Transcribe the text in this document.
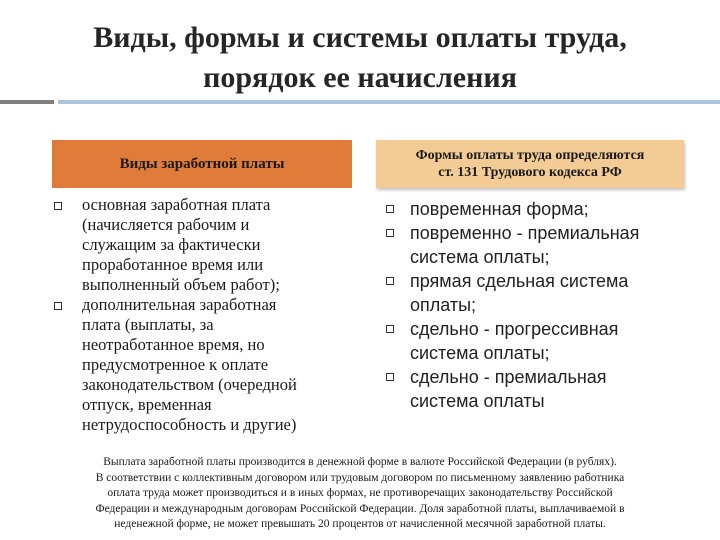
Виды, формы и системы оплаты труда,
порядок ее начисления
Виды заработной платы	Формы оплаты труда определяются
ст. 131 Трудового кодекса РФ
основная заработная плата
(начисляется рабочим и
служащим за фактически
проработанное время или
выполненный объем работ);
дополнительная заработная
плата (выплаты, за
неотработанное время, но
предусмотренное к оплате
законодательством (очередной
отпуск, временная
нетрудоспособность и другие)
повременная форма;
повременно - премиальная
система оплаты;
прямая сдельная система
оплаты;
сдельно - прогрессивная
система оплаты;
сдельно - премиальная
система оплаты
Выплата заработной платы производится в денежной форме в валюте Российской Федерации (в рублях).
В соответствии с коллективным договором или трудовым договором по письменному заявлению работника
оплата труда может производиться и в иных формах, не противоречащих законодательству Российской
Федерации и международным договорам Российской Федерации. Доля заработной платы, выплачиваемой в
неденежной форме, не может превышать 20 процентов от начисленной месячной заработной платы.
